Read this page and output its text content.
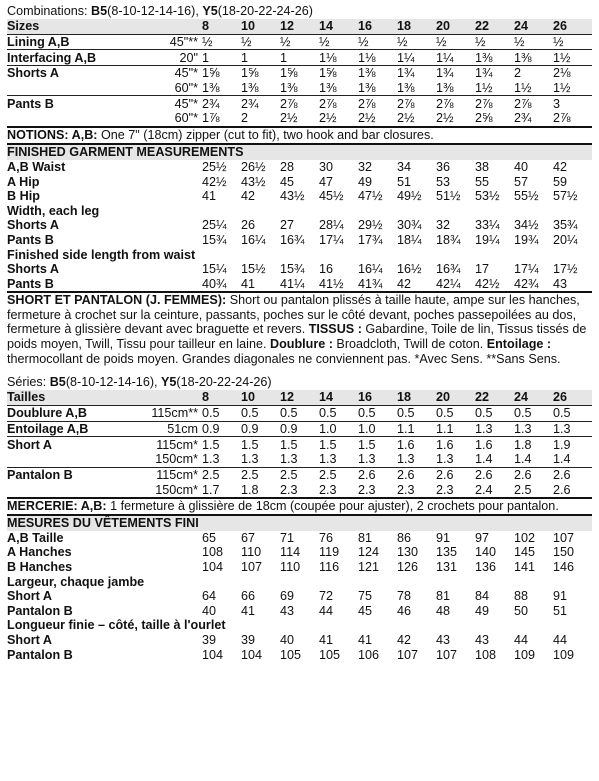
Combinations: B5(8-10-12-14-16), Y5(18-20-22-24-26)
Sizes		8	10	12	14	16	18	20	22	24	26
Lining A,B	45"**	½	½	½	½	½	½	½	½	½	½
Interfacing A,B	20"	1	1	1	1⅛	1⅛	1¼	1¼	1⅜	1⅜	1½
Shorts A	45"*	1⅝	1⅝	1⅝	1⅝	1⅜	1¾	1¾	1¾	2	2⅛
	60"*	1⅜	1⅜	1⅜	1⅜	1⅜	1⅜	1⅜	1½	1½	1½
Pants B	45"*	2¾	2¾	2⅞	2⅞	2⅞	2⅞	2⅞	2⅞	2⅞	3
	60"*	1⅞	2	2½	2½	2½	2½	2½	2⅝	2¾	2⅞
NOTIONS: A,B: One 7" (18cm) zipper (cut to fit), two hook and bar closures.
FINISHED GARMENT MEASUREMENTS
A,B Waist	25½	26½	28	30	32	34	36	38	40	42
A Hip	42½	43½	45	47	49	51	53	55	57	59
B Hip	41	42	43½	45½	47½	49½	51½	53½	55½	57½
Width, each leg										
Shorts A	25¼	26	27	28¼	29½	30¾	32	33¼	34½	35¾
Pants B	15¾	16¼	16¾	17¼	17¾	18¼	18¾	19¼	19¾	20¼
Finished side length from waist										
Shorts A	15¼	15½	15¾	16	16¼	16½	16¾	17	17¼	17½
Pants B	40¾	41	41¼	41½	41¾	42	42¼	42½	42¾	43
SHORT ET PANTALON (J. FEMMES): Short ou pantalon plissés à taille haute, ampe sur les hanches, fermeture à crochet sur la ceinture, passants, poches sur le côté devant, poches passepoilées au dos, fermeture à glissière devant avec braguette et revers. TISSUS : Gabardine, Toile de lin, Tissus tissés de poids moyen, Twill, Tissu pour tailleur en laine. Doublure : Broadcloth, Twill de coton. Entoilage : thermocollant de poids moyen. Grandes diagonales ne conviennent pas. *Avec Sens. **Sans Sens.
Séries: B5(8-10-12-14-16), Y5(18-20-22-24-26)
Tailles		8	10	12	14	16	18	20	22	24	26
Doublure A,B	115cm**	0.5	0.5	0.5	0.5	0.5	0.5	0.5	0.5	0.5	0.5
Entoilage A,B	51cm	0.9	0.9	0.9	1.0	1.0	1.1	1.1	1.3	1.3	1.3
Short A	115cm*	1.5	1.5	1.5	1.5	1.5	1.6	1.6	1.6	1.8	1.9
	150cm*	1.3	1.3	1.3	1.3	1.3	1.3	1.3	1.4	1.4	1.4
Pantalon B	115cm*	2.5	2.5	2.5	2.5	2.6	2.6	2.6	2.6	2.6	2.6
	150cm*	1.7	1.8	2.3	2.3	2.3	2.3	2.3	2.4	2.5	2.6
MERCERIE: A,B: 1 fermeture à glissière de 18cm (coupée pour ajuster), 2 crochets pour pantalon.
MESURES DU VÊTEMENTS FINI
A,B Taille	65	67	71	76	81	86	91	97	102	107
A Hanches	108	110	114	119	124	130	135	140	145	150
B Hanches	104	107	110	116	121	126	131	136	141	146
Largeur, chaque jambe										
Short A	64	66	69	72	75	78	81	84	88	91
Pantalon B	40	41	43	44	45	46	48	49	50	51
Longueur finie – côté, taille à l'ourlet										
Short A	39	39	40	41	41	42	43	43	44	44
Pantalon B	104	104	105	105	106	107	107	108	109	109
